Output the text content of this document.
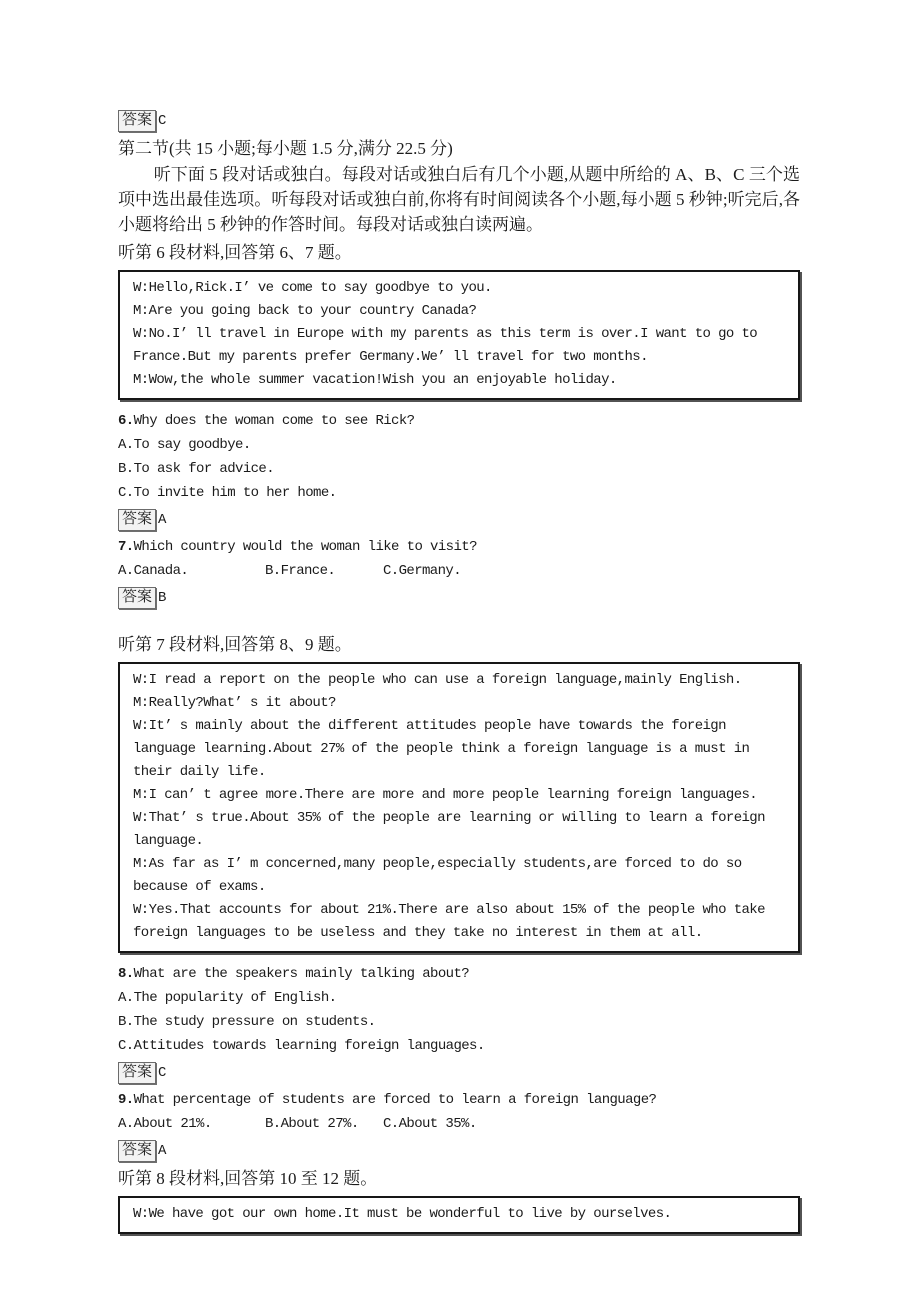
答案 C
第二节(共 15 小题;每小题 1.5 分,满分 22.5 分)

听下面 5 段对话或独白。每段对话或独白后有几个小题,从题中所给的 A、B、C 三个选项中选出最佳选项。听每段对话或独白前,你将有时间阅读各个小题,每小题 5 秒钟;听完后,各小题将给出 5 秒钟的作答时间。每段对话或独白读两遍。

听第 6 段材料,回答第 6、7 题。

W:Hello,Rick.I’ ve come to say goodbye to you.

M:Are you going back to your country Canada?

W:No.I’ ll travel in Europe with my parents as this term is over.I want to go to France.But my parents prefer Germany.We’ ll travel for two months.

M:Wow,the whole summer vacation!Wish you an enjoyable holiday.

6.Why does the woman come to see Rick?

A.To say goodbye.

B.To ask for advice.

C.To invite him to her home.

答案 A

7.Which country would the woman like to visit?

A.Canada.	B.France.	C.Germany.

答案 B
听第 7 段材料,回答第 8、9 题。

W:I read a report on the people who can use a foreign language,mainly English.

M:Really?What’ s it about?

W:It’ s mainly about the different attitudes people have towards the foreign language learning.About 27% of the people think a foreign language is a must in their daily life.

M:I can’ t agree more.There are more and more people learning foreign languages.

W:That’ s true.About 35% of the people are learning or willing to learn a foreign language.

M:As far as I’ m concerned,many people,especially students,are forced to do so because of exams.

W:Yes.That accounts for about 21%.There are also about 15% of the people who take foreign languages to be useless and they take no interest in them at all.

8.What are the speakers mainly talking about?

A.The popularity of English.

B.The study pressure on students.

C.Attitudes towards learning foreign languages.

答案 C

9.What percentage of students are forced to learn a foreign language?

A.About 21%.	B.About 27%. C.About 35%.

答案 A
听第 8 段材料,回答第 10 至 12 题。

W:We have got our own home.It must be wonderful to live by ourselves.
